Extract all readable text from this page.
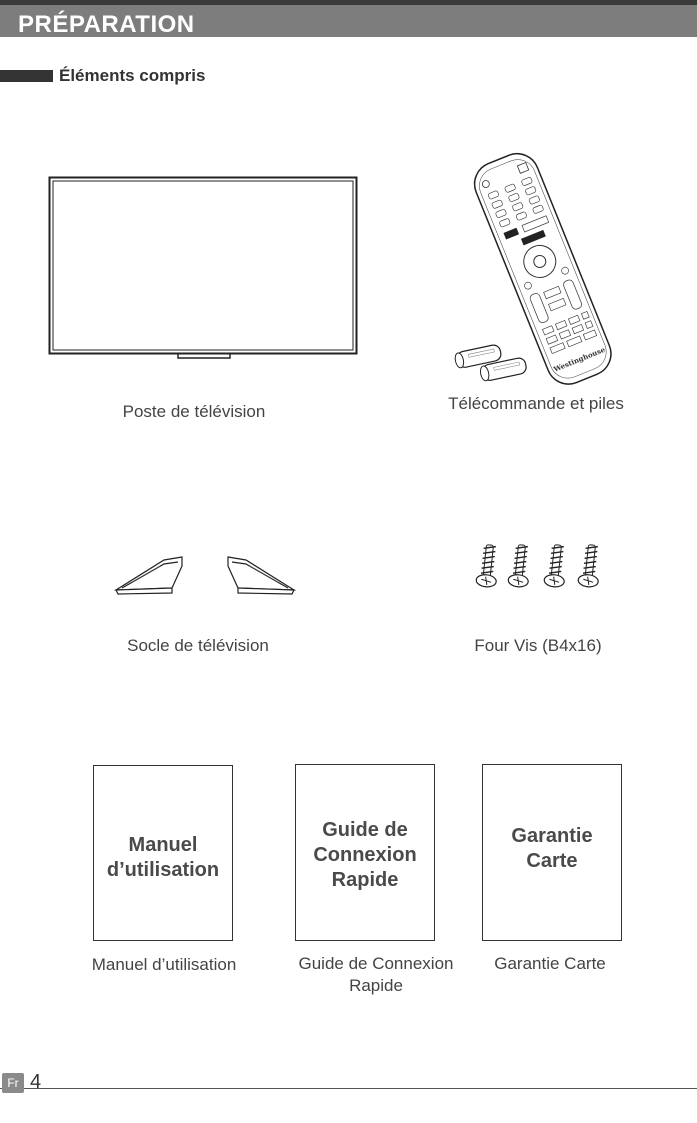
PRÉPARATION
Éléments compris
Poste de télévision
Westinghouse
Télécommande et piles
Socle de télévision	Four Vis (B4x16)
Manuel d’utilisation
Manuel d’utilisation
Guide de Connexion Rapide
Guide de Connexion Rapide
Garantie Carte
Garantie Carte
Fr 4
